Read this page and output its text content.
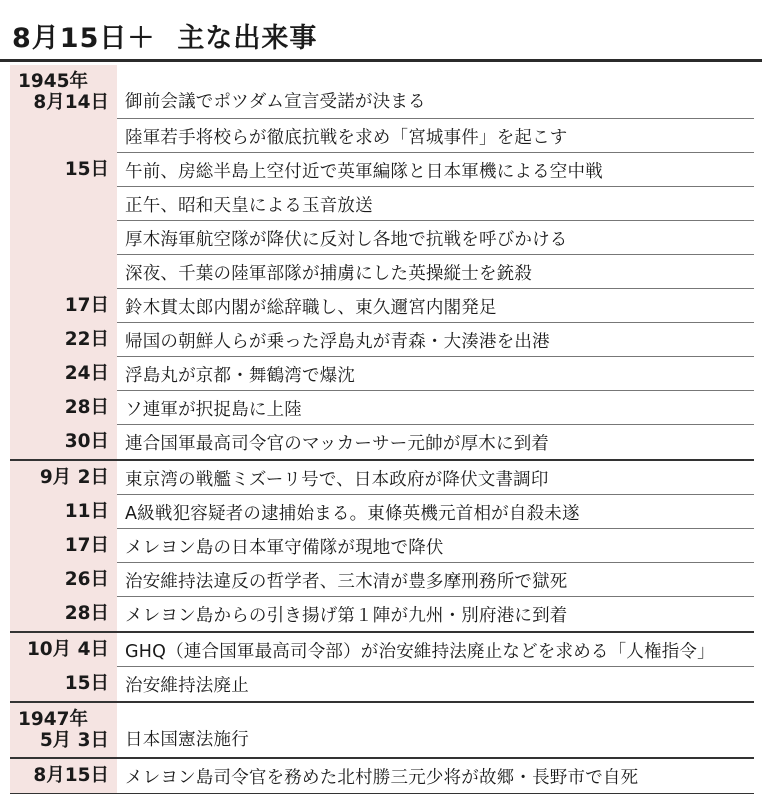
8月15日＋ 主な出来事
1945年
8月14日 御前会議でポツダム宣言受諾が決まる
陸軍若手将校らが徹底抗戦を求め「宮城事件」を起こす
15日 午前、房総半島上空付近で英軍編隊と日本軍機による空中戦
正午、昭和天皇による玉音放送
厚木海軍航空隊が降伏に反対し各地で抗戦を呼びかける
深夜、千葉の陸軍部隊が捕虜にした英操縦士を銃殺
17日 鈴木貫太郎内閣が総辞職し、東久邇宮内閣発足
22日 帰国の朝鮮人らが乗った浮島丸が青森・大湊港を出港
24日 浮島丸が京都・舞鶴湾で爆沈
28日 ソ連軍が択捉島に上陸
30日 連合国軍最高司令官のマッカーサー元帥が厚木に到着
9月 2日 東京湾の戦艦ミズーリ号で、日本政府が降伏文書調印
11日 A級戦犯容疑者の逮捕始まる。東條英機元首相が自殺未遂
17日 メレヨン島の日本軍守備隊が現地で降伏
26日 治安維持法違反の哲学者、三木清が豊多摩刑務所で獄死
28日 メレヨン島からの引き揚げ第１陣が九州・別府港に到着
10月 4日 GHQ（連合国軍最高司令部）が治安維持法廃止などを求める「人権指令」
15日 治安維持法廃止
1947年
5月 3日 日本国憲法施行
8月15日 メレヨン島司令官を務めた北村勝三元少将が故郷・長野市で自死
